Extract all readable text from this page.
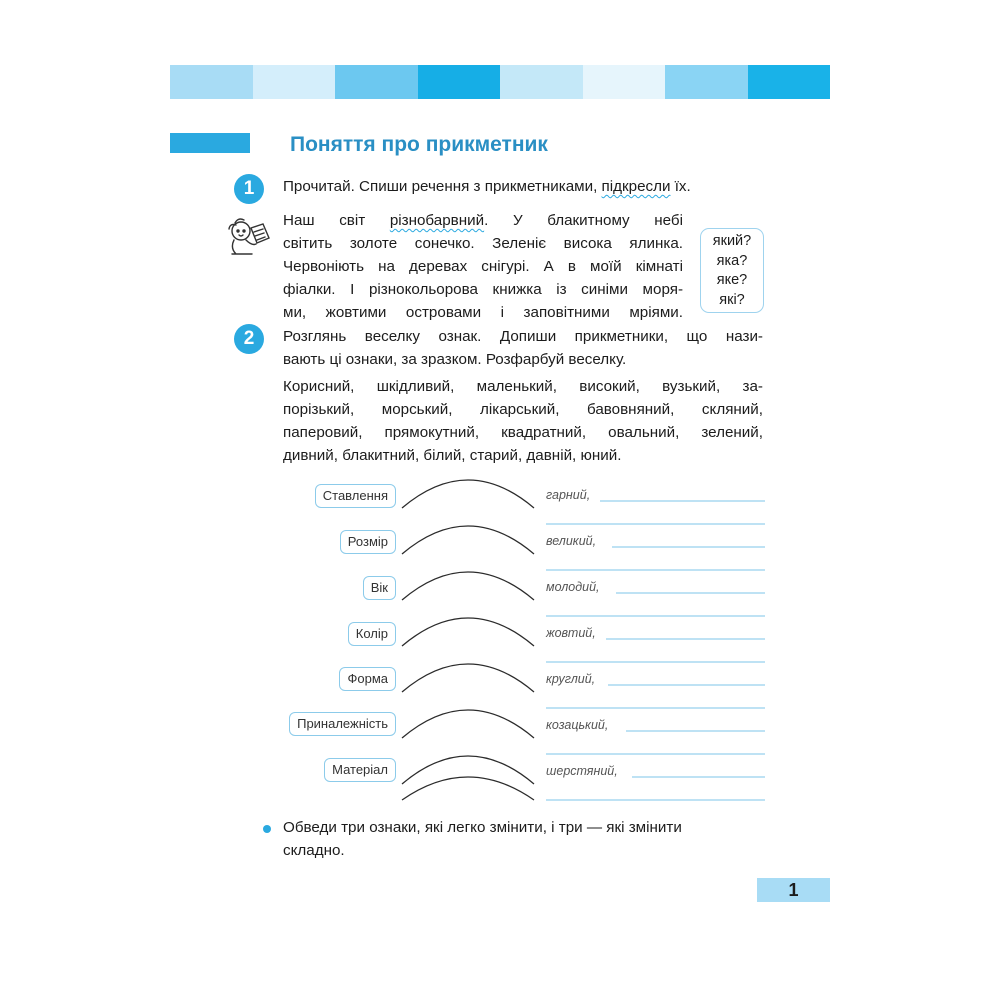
Поняття про прикметник
1	Прочитай. Спиши речення з прикметниками, підкресли їх.

Наш світ різнобарвний. У блакитному небі

світить золоте сонечко. Зеленіє висока ялинка.

Червоніють на деревах снігурі. А в моїй кімнаті

фіалки. І різнокольорова книжка із синіми моря-

ми, жовтими островами і заповітними мріями.

який?
яка?
яке?
які?
2	Розглянь веселку ознак. Допиши прикметники, що нази-

вають ці ознаки, за зразком. Розфарбуй веселку.

Корисний, шкідливий, маленький, високий, вузький, за-

порізький, морський, лікарський, бавовняний, скляний,

паперовий, прямокутний, квадратний, овальний, зелений,

дивний, блакитний, білий, старий, давній, юний.

Ставлення
Розмір
Вік
Колір
Форма
Приналежність
Матеріал
гарний,
великий,
молодий,
жовтий,
круглий,
козацький,
шерстяний,

Обведи три ознаки, які легко змінити, і три — які змінити

складно.

1
